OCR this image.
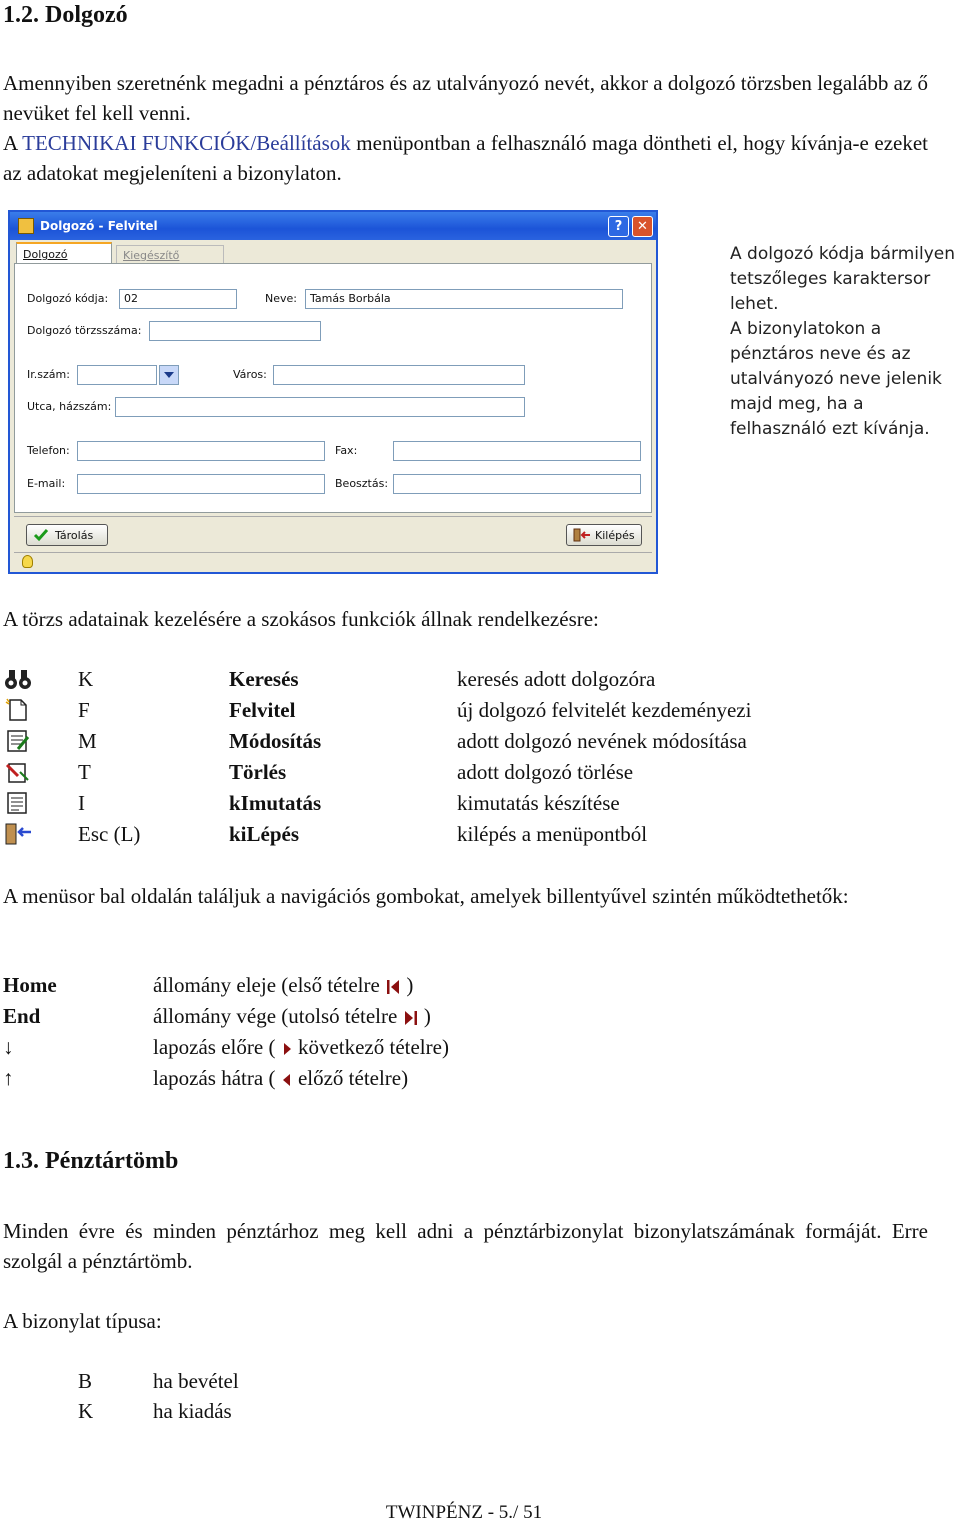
1.2. Dolgozó
Amennyiben szeretnénk megadni a pénztáros és az utalványozó nevét, akkor a dolgozó törzsben legalább az ő nevüket fel kell venni.
A TECHNIKAI FUNKCIÓK/Beállítások menüpontban a felhasználó maga döntheti el, hogy kívánja-e ezeket az adatokat megjeleníteni a bizonylaton.
Dolgozó - Felvitel	?	✕
Dolgozó	Kiegészítő
Dolgozó kódja:	02	Neve:	Tamás Borbála
Dolgozó törzsszáma:
Ir.szám:	Város:
Utca, házszám:
Telefon:	Fax:
E-mail:	Beosztás:
Tárolás	Kilépés
A dolgozó kódja bármilyen tetszőleges karaktersor lehet.
A bizonylatokon a pénztáros neve és az utalványozó neve jelenik majd meg, ha a felhasználó ezt kívánja.
A törzs adatainak kezelésére a szokásos funkciók állnak rendelkezésre:
K	Keresés	keresés adott dolgozóra
F	Felvitel	új dolgozó felvitelét kezdeményezi
M	Módosítás	adott dolgozó nevének módosítása
T	Törlés	adott dolgozó törlése
I	kImutatás	kimutatás készítése
Esc (L)	kiLépés	kilépés a menüpontból
A menüsor bal oldalán találjuk a navigációs gombokat, amelyek billentyűvel szintén működtethetők:
Home	állomány eleje (első tételre  )
End	állomány vége (utolsó tételre  )
↓	lapozás előre (  következő tételre)
↑	lapozás hátra (  előző tételre)
1.3. Pénztártömb
Minden évre és minden pénztárhoz meg kell adni a pénztárbizonylat bizonylatszámának formáját. Erre szolgál a pénztártömb.
A bizonylat típusa:
B	ha bevétel
K	ha kiadás
TWINPÉNZ - 5./ 51
